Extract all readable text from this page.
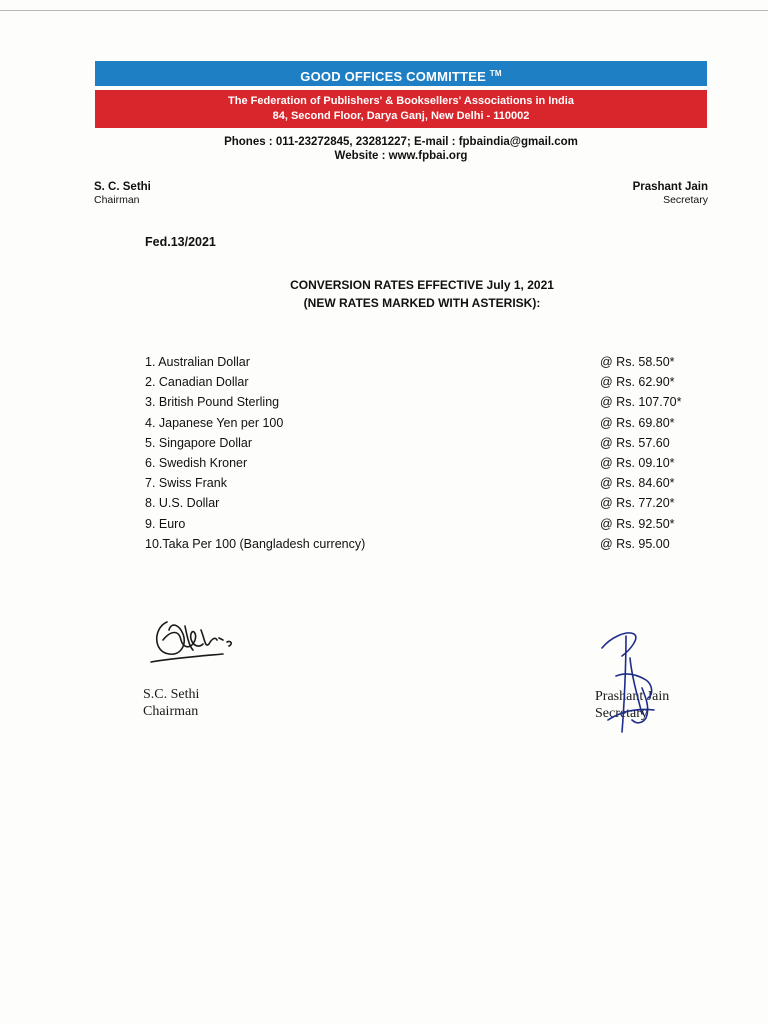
GOOD OFFICES COMMITTEE ™
The Federation of Publishers' & Booksellers' Associations in India
84, Second Floor, Darya Ganj, New Delhi - 110002
Phones : 011-23272845, 23281227; E-mail : fpbaindia@gmail.com
Website : www.fpbai.org
S. C. Sethi
Chairman
Prashant Jain
Secretary
Fed.13/2021
CONVERSION RATES EFFECTIVE July 1, 2021
(NEW RATES MARKED WITH ASTERISK):
1. Australian Dollar	@ Rs. 58.50*
2. Canadian Dollar	@ Rs. 62.90*
3. British Pound Sterling	@ Rs. 107.70*
4. Japanese Yen per 100	@ Rs. 69.80*
5. Singapore Dollar	@ Rs. 57.60
6. Swedish Kroner	@ Rs. 09.10*
7. Swiss Frank	@ Rs. 84.60*
8. U.S. Dollar	@ Rs. 77.20*
9. Euro	@ Rs. 92.50*
10.Taka Per 100 (Bangladesh currency)	@ Rs. 95.00
S.C. Sethi
Chairman
Prashant Jain
Secretary
